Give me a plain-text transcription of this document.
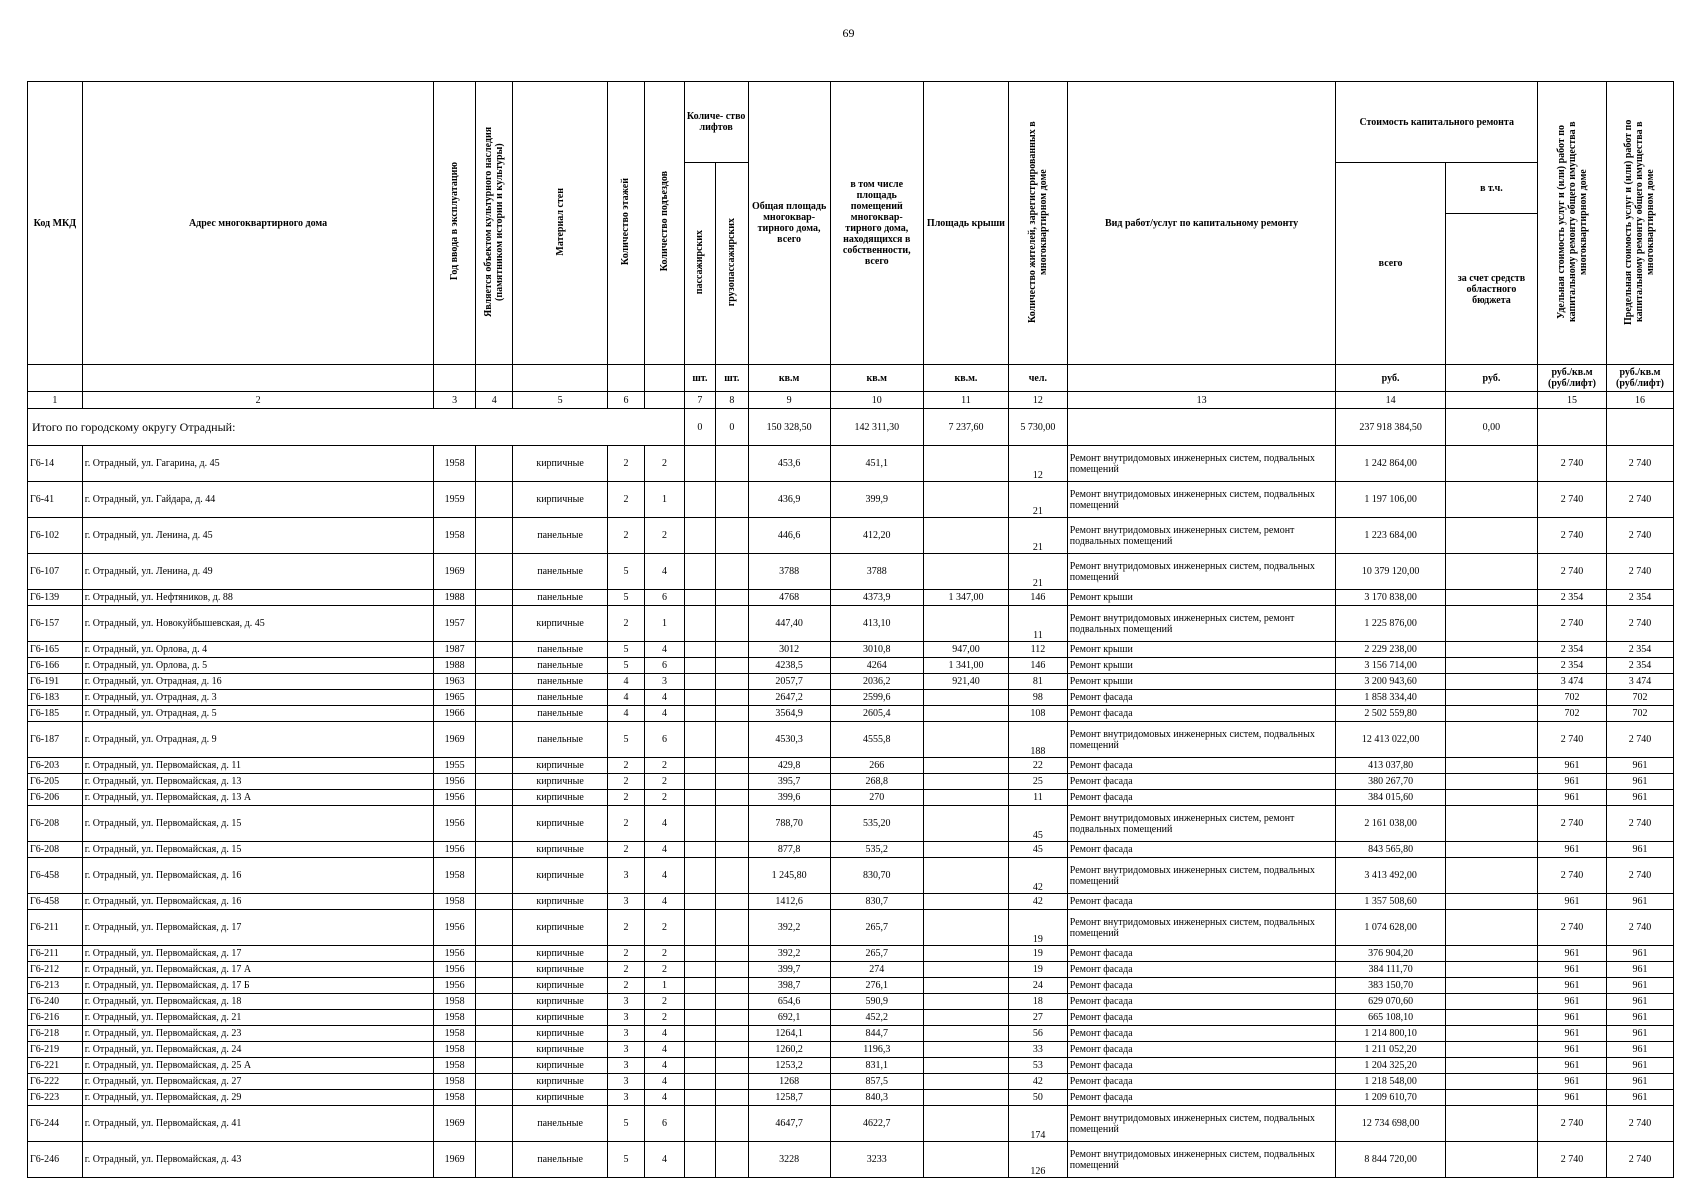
69
Код МКД	Адрес многоквартирного дома	Год ввода в эксплуатацию	Является объектом культурного наследия (памятником истории и культуры)	Материал стен	Количество этажей	Количество подъездов	Количе- ство лифтов		Общая площадь многоквар- тирного дома, всего	в том числе площадь помещений многоквар- тирного дома, находящихся в собственности, всего	Площадь крыши	Количество жителей, зарегистрированных в многоквартирном доме	Вид работ/услуг по капитальному ремонту	Стоимость капитального ремонта		Удельная стоимость услуг и (или) работ по капитальному ремонту общего имущества в многоквартирном доме	Предельная стоимость услуг и (или) работ по капитальному ремонту общего имущества в многоквартирном доме
							пассажирских	грузопассажирских						всего	в т.ч.		
															за счет средств областного бюджета		
							шт.	шт.	кв.м	кв.м	кв.м.	чел.		руб.	руб.	руб./кв.м (руб/лифт)	руб./кв.м (руб/лифт)
1	2	3	4	5	6		7	8	9	10	11	12	13	14		15	16
Итого по городскому округу Отрадный:							0	0	150 328,50	142 311,30	7 237,60	5 730,00		237 918 384,50	0,00		
Г6-14	г. Отрадный, ул. Гагарина, д. 45	1958		кирпичные	2	2			453,6	451,1		12	Ремонт внутридомовых инженерных систем, подвальных помещений	1 242 864,00		2 740	2 740
Г6-41	г. Отрадный, ул. Гайдара, д. 44	1959		кирпичные	2	1			436,9	399,9		21	Ремонт внутридомовых инженерных систем, подвальных помещений	1 197 106,00		2 740	2 740
Г6-102	г. Отрадный, ул. Ленина, д. 45	1958		панельные	2	2			446,6	412,20		21	Ремонт внутридомовых инженерных систем, ремонт подвальных помещений	1 223 684,00		2 740	2 740
Г6-107	г. Отрадный, ул. Ленина, д. 49	1969		панельные	5	4			3788	3788		21	Ремонт внутридомовых инженерных систем, подвальных помещений	10 379 120,00		2 740	2 740
Г6-139	г. Отрадный, ул. Нефтяников, д. 88	1988		панельные	5	6			4768	4373,9	1 347,00	146	Ремонт крыши	3 170 838,00		2 354	2 354
Г6-157	г. Отрадный, ул. Новокуйбышевская, д. 45	1957		кирпичные	2	1			447,40	413,10		11	Ремонт внутридомовых инженерных систем, ремонт подвальных помещений	1 225 876,00		2 740	2 740
Г6-165	г. Отрадный, ул. Орлова, д. 4	1987		панельные	5	4			3012	3010,8	947,00	112	Ремонт крыши	2 229 238,00		2 354	2 354
Г6-166	г. Отрадный, ул. Орлова, д. 5	1988		панельные	5	6			4238,5	4264	1 341,00	146	Ремонт крыши	3 156 714,00		2 354	2 354
Г6-191	г. Отрадный, ул. Отрадная, д. 16	1963		панельные	4	3			2057,7	2036,2	921,40	81	Ремонт крыши	3 200 943,60		3 474	3 474
Г6-183	г. Отрадный, ул. Отрадная, д. 3	1965		панельные	4	4			2647,2	2599,6		98	Ремонт фасада	1 858 334,40		702	702
Г6-185	г. Отрадный, ул. Отрадная, д. 5	1966		панельные	4	4			3564,9	2605,4		108	Ремонт фасада	2 502 559,80		702	702
Г6-187	г. Отрадный, ул. Отрадная, д. 9	1969		панельные	5	6			4530,3	4555,8		188	Ремонт внутридомовых инженерных систем, подвальных помещений	12 413 022,00		2 740	2 740
Г6-203	г. Отрадный, ул. Первомайская, д. 11	1955		кирпичные	2	2			429,8	266		22	Ремонт фасада	413 037,80		961	961
Г6-205	г. Отрадный, ул. Первомайская, д. 13	1956		кирпичные	2	2			395,7	268,8		25	Ремонт фасада	380 267,70		961	961
Г6-206	г. Отрадный, ул. Первомайская, д. 13 А	1956		кирпичные	2	2			399,6	270		11	Ремонт фасада	384 015,60		961	961
Г6-208	г. Отрадный, ул. Первомайская, д. 15	1956		кирпичные	2	4			788,70	535,20		45	Ремонт внутридомовых инженерных систем, ремонт подвальных помещений	2 161 038,00		2 740	2 740
Г6-208	г. Отрадный, ул. Первомайская, д. 15	1956		кирпичные	2	4			877,8	535,2		45	Ремонт фасада	843 565,80		961	961
Г6-458	г. Отрадный, ул. Первомайская, д. 16	1958		кирпичные	3	4			1 245,80	830,70		42	Ремонт внутридомовых инженерных систем, подвальных помещений	3 413 492,00		2 740	2 740
Г6-458	г. Отрадный, ул. Первомайская, д. 16	1958		кирпичные	3	4			1412,6	830,7		42	Ремонт фасада	1 357 508,60		961	961
Г6-211	г. Отрадный, ул. Первомайская, д. 17	1956		кирпичные	2	2			392,2	265,7		19	Ремонт внутридомовых инженерных систем, подвальных помещений	1 074 628,00		2 740	2 740
Г6-211	г. Отрадный, ул. Первомайская, д. 17	1956		кирпичные	2	2			392,2	265,7		19	Ремонт фасада	376 904,20		961	961
Г6-212	г. Отрадный, ул. Первомайская, д. 17 А	1956		кирпичные	2	2			399,7	274		19	Ремонт фасада	384 111,70		961	961
Г6-213	г. Отрадный, ул. Первомайская, д. 17 Б	1956		кирпичные	2	1			398,7	276,1		24	Ремонт фасада	383 150,70		961	961
Г6-240	г. Отрадный, ул. Первомайская, д. 18	1958		кирпичные	3	2			654,6	590,9		18	Ремонт фасада	629 070,60		961	961
Г6-216	г. Отрадный, ул. Первомайская, д. 21	1958		кирпичные	3	2			692,1	452,2		27	Ремонт фасада	665 108,10		961	961
Г6-218	г. Отрадный, ул. Первомайская, д. 23	1958		кирпичные	3	4			1264,1	844,7		56	Ремонт фасада	1 214 800,10		961	961
Г6-219	г. Отрадный, ул. Первомайская, д. 24	1958		кирпичные	3	4			1260,2	1196,3		33	Ремонт фасада	1 211 052,20		961	961
Г6-221	г. Отрадный, ул. Первомайская, д. 25 А	1958		кирпичные	3	4			1253,2	831,1		53	Ремонт фасада	1 204 325,20		961	961
Г6-222	г. Отрадный, ул. Первомайская, д. 27	1958		кирпичные	3	4			1268	857,5		42	Ремонт фасада	1 218 548,00		961	961
Г6-223	г. Отрадный, ул. Первомайская, д. 29	1958		кирпичные	3	4			1258,7	840,3		50	Ремонт фасада	1 209 610,70		961	961
Г6-244	г. Отрадный, ул. Первомайская, д. 41	1969		панельные	5	6			4647,7	4622,7		174	Ремонт внутридомовых инженерных систем, подвальных помещений	12 734 698,00		2 740	2 740
Г6-246	г. Отрадный, ул. Первомайская, д. 43	1969		панельные	5	4			3228	3233		126	Ремонт внутридомовых инженерных систем, подвальных помещений	8 844 720,00		2 740	2 740
